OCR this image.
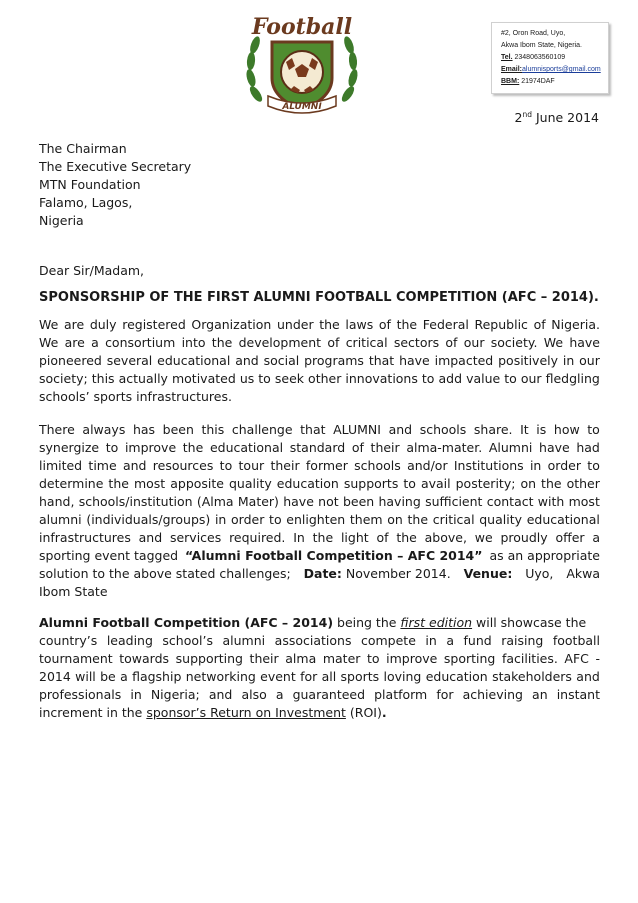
Football
ALUMNI
#2, Oron Road, Uyo,
Akwa Ibom State, Nigeria.
Tel. 2348063560109
Email:alumnisports@gmail.com
BBM: 21974DAF
2nd June 2014
The Chairman
The Executive Secretary
MTN Foundation
Falamo, Lagos,
Nigeria
Dear Sir/Madam,
SPONSORSHIP OF THE FIRST ALUMNI FOOTBALL COMPETITION (AFC – 2014).
We are duly registered Organization under the laws of the Federal Republic of Nigeria.
We are a consortium into the development of critical sectors of our society. We have
pioneered several educational and social programs that have impacted positively in our
society; this actually motivated us to seek other innovations to add value to our fledgling
schools’ sports infrastructures.
There always has been this challenge that ALUMNI and schools share. It is how to
synergize to improve the educational standard of their alma-mater. Alumni have had
limited time and resources to tour their former schools and/or Institutions in order to
determine the most apposite quality education supports to avail posterity; on the other
hand, schools/institution (Alma Mater) have not been having sufficient contact with most
alumni (individuals/groups) in order to enlighten them on the critical quality educational
infrastructures and services required. In the light of the above, we proudly offer a
sporting event tagged “Alumni Football Competition – AFC 2014” as an appropriate
solution to the above stated challenges; Date: November 2014. Venue: Uyo, Akwa
Ibom State
Alumni Football Competition (AFC – 2014) being the first edition will showcase the
country’s leading school’s alumni associations compete in a fund raising football
tournament towards supporting their alma mater to improve sporting facilities. AFC -
2014 will be a flagship networking event for all sports loving education stakeholders and
professionals in Nigeria; and also a guaranteed platform for achieving an instant
increment in the sponsor’s Return on Investment (ROI).
